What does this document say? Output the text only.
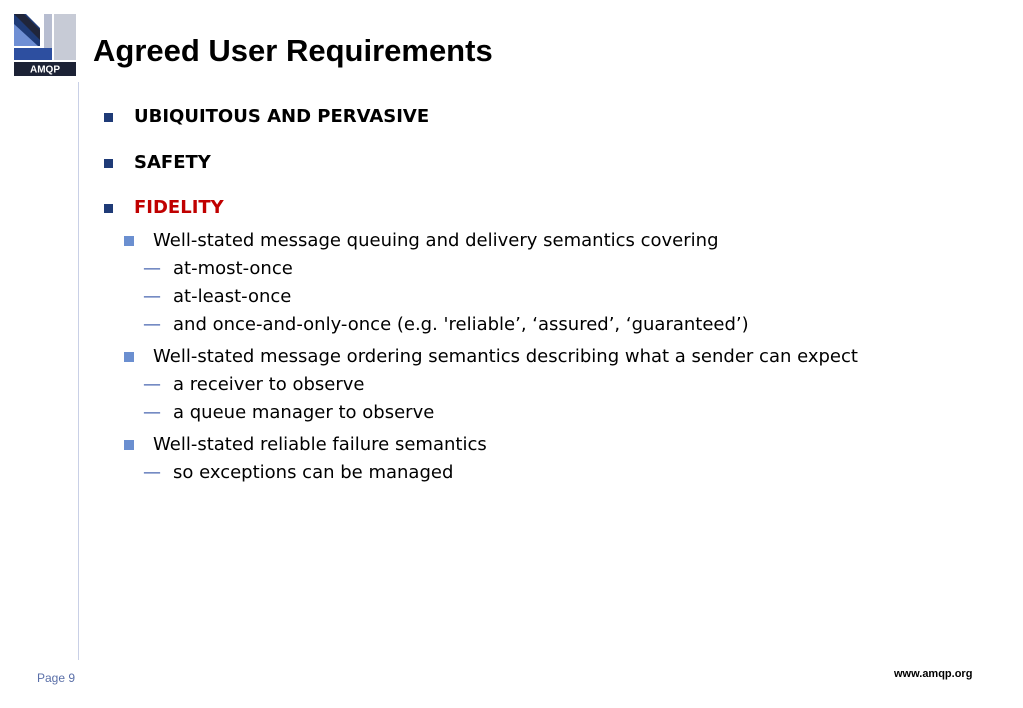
AMQP
Agreed User Requirements
UBIQUITOUS AND PERVASIVE
SAFETY
FIDELITY
Well-stated message queuing and delivery semantics covering
— at-most-once
— at-least-once
— and once-and-only-once (e.g. 'reliable’, ‘assured’, ‘guaranteed’)
Well-stated message ordering semantics describing what a sender can expect
— a receiver to observe
— a queue manager to observe
Well-stated reliable failure semantics
— so exceptions can be managed
Page 9	www.amqp.org
